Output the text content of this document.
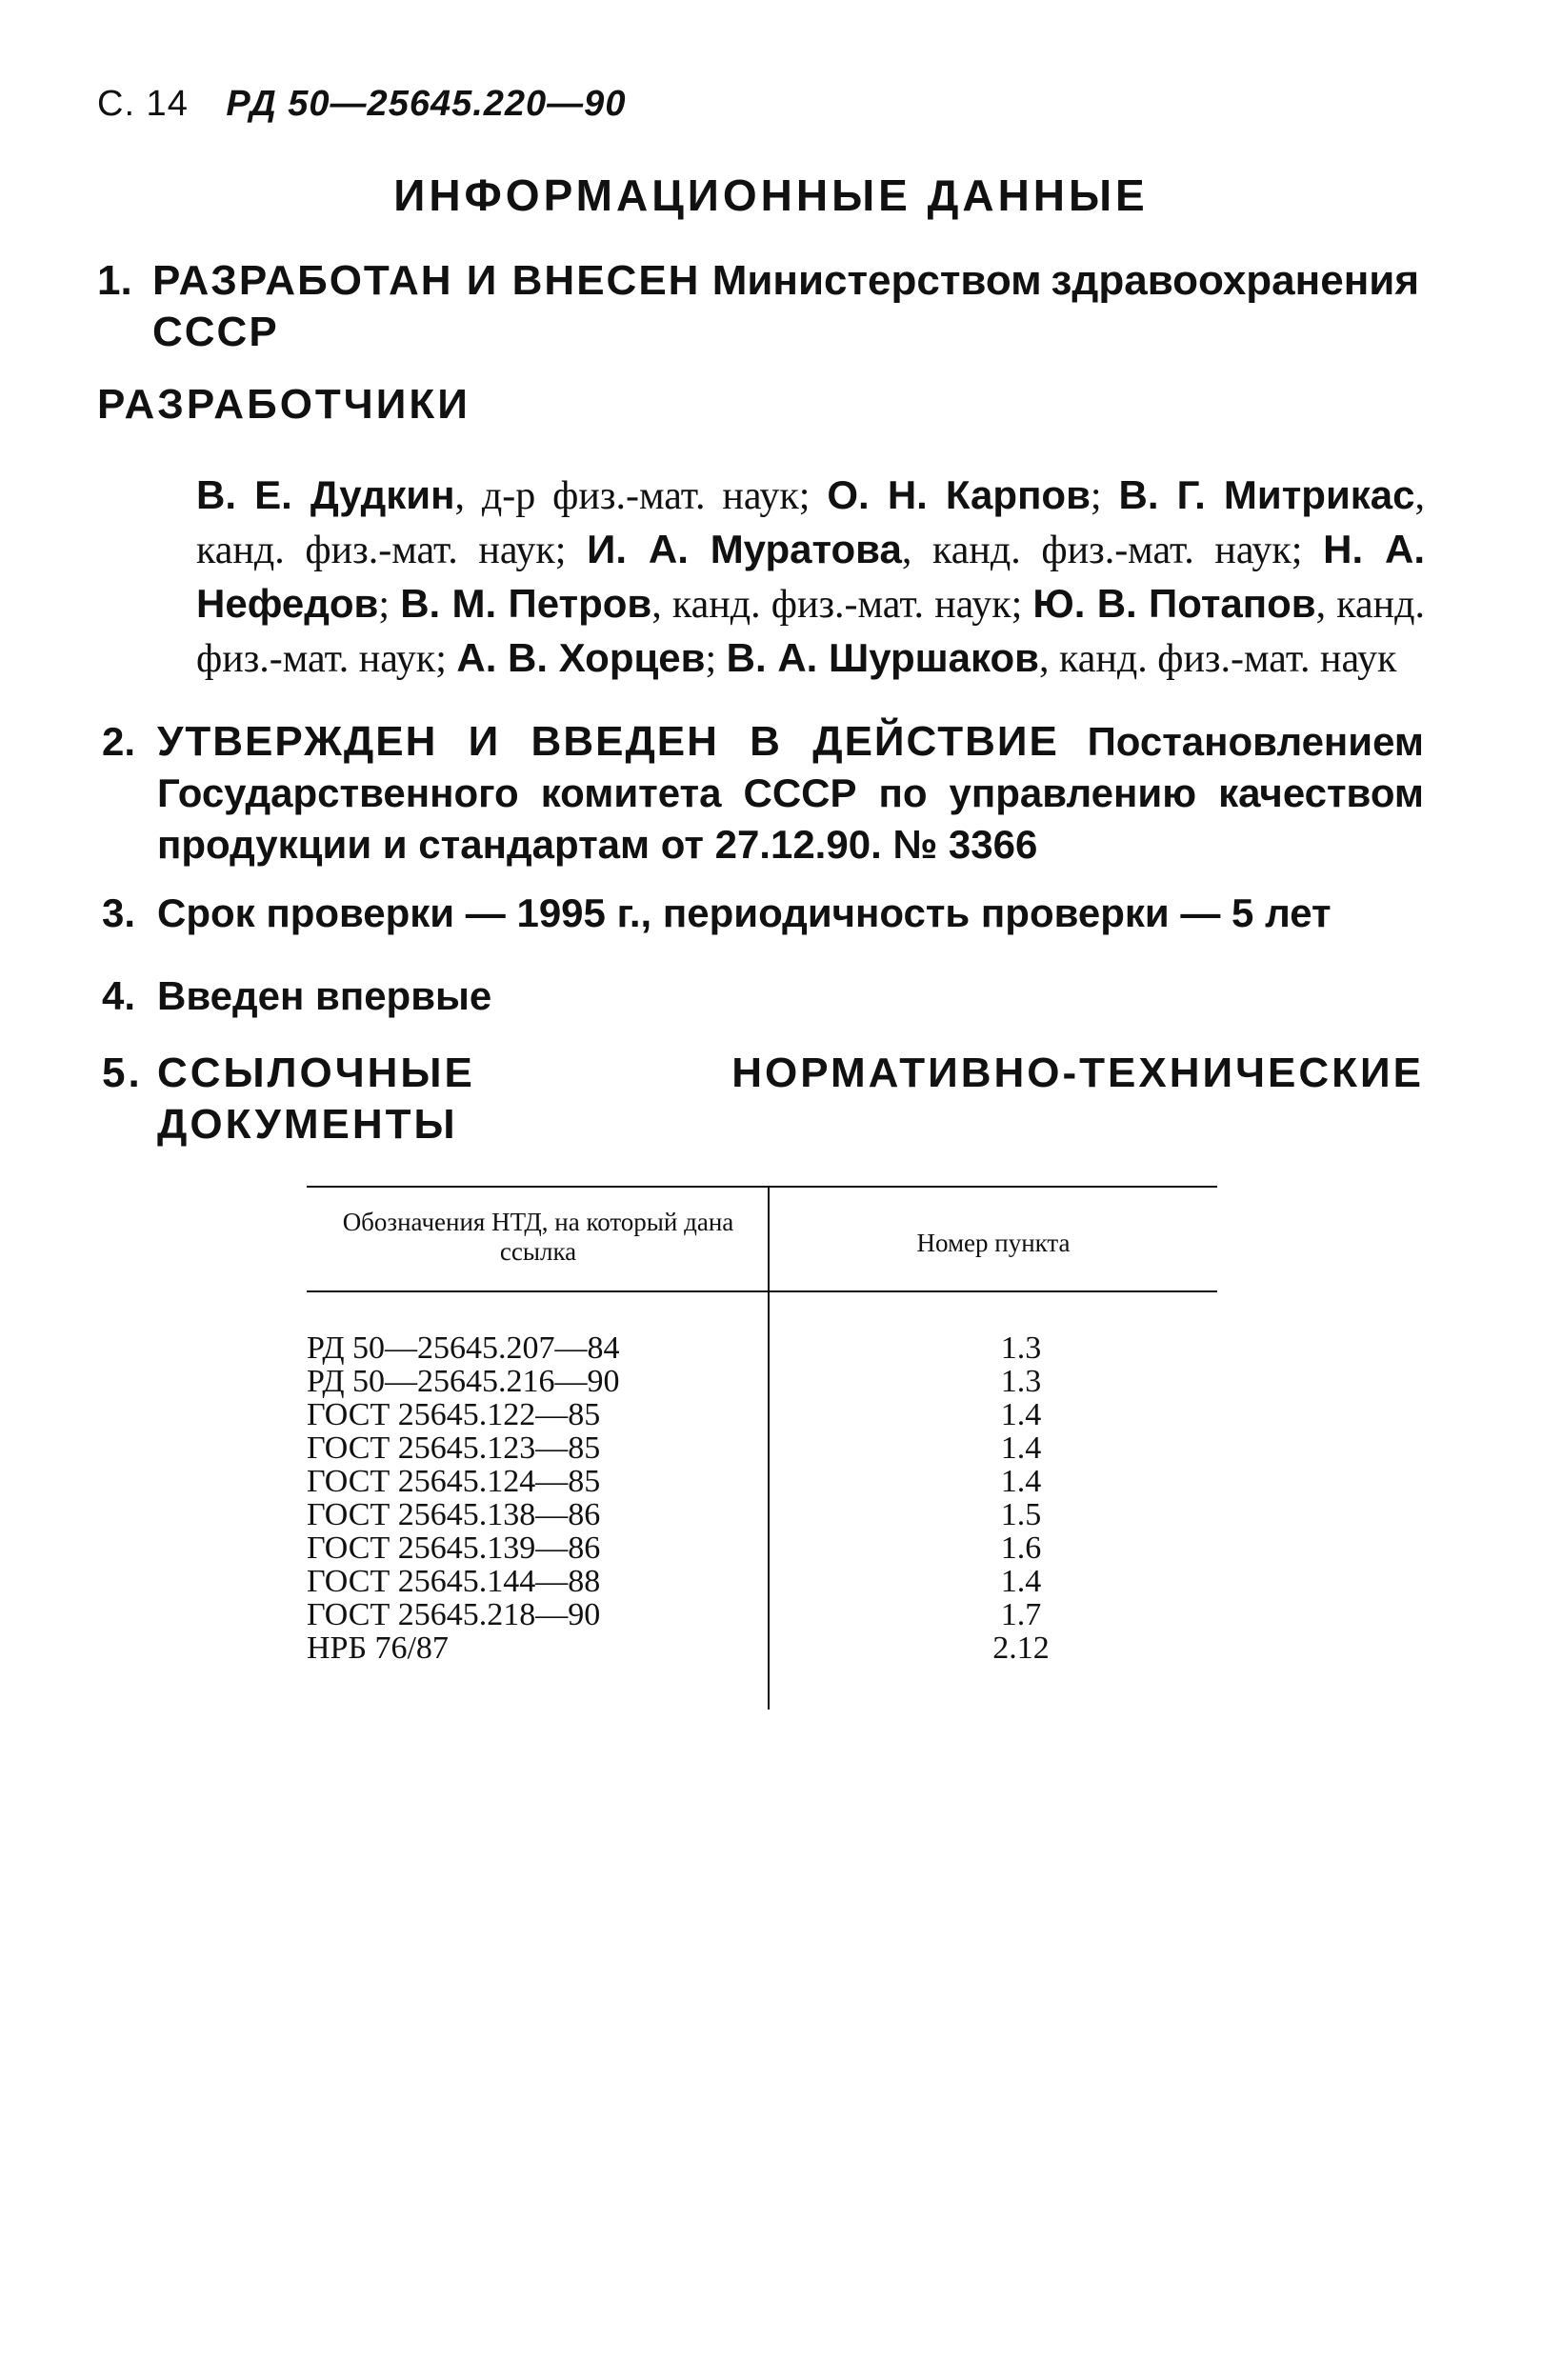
С. 14 РД 50—25645.220—90
ИНФОРМАЦИОННЫЕ ДАННЫЕ
1. РАЗРАБОТАН И ВНЕСЕН Министерством здравоохранения
СССР
РАЗРАБОТЧИКИ
В. Е. Дудкин, д-р физ.-мат. наук; О. Н. Карпов; В. Г. Митрикас, канд. физ.-мат. наук; И. А. Муратова, канд. физ.-мат. наук; Н. А. Нефедов; В. М. Петров, канд. физ.-мат. наук; Ю. В. Потапов, канд. физ.-мат. наук; А. В. Хорцев; В. А. Шуршаков, канд. физ.-мат. наук
2. УТВЕРЖДЕН И ВВЕДЕН В ДЕЙСТВИЕ Постановлением Государственного комитета СССР по управлению качеством продукции и стандартам от 27.12.90. № 3366
3. Срок проверки — 1995 г., периодичность проверки — 5 лет
4. Введен впервые
5. ССЫЛОЧНЫЕ НОРМАТИВНО-ТЕХНИЧЕСКИЕ ДОКУМЕНТЫ
Обозначения НТД, на который дана ссылка	Номер пункта
РД 50—25645.207—84	1.3
РД 50—25645.216—90	1.3
ГОСТ 25645.122—85	1.4
ГОСТ 25645.123—85	1.4
ГОСТ 25645.124—85	1.4
ГОСТ 25645.138—86	1.5
ГОСТ 25645.139—86	1.6
ГОСТ 25645.144—88	1.4
ГОСТ 25645.218—90	1.7
НРБ 76/87	2.12
